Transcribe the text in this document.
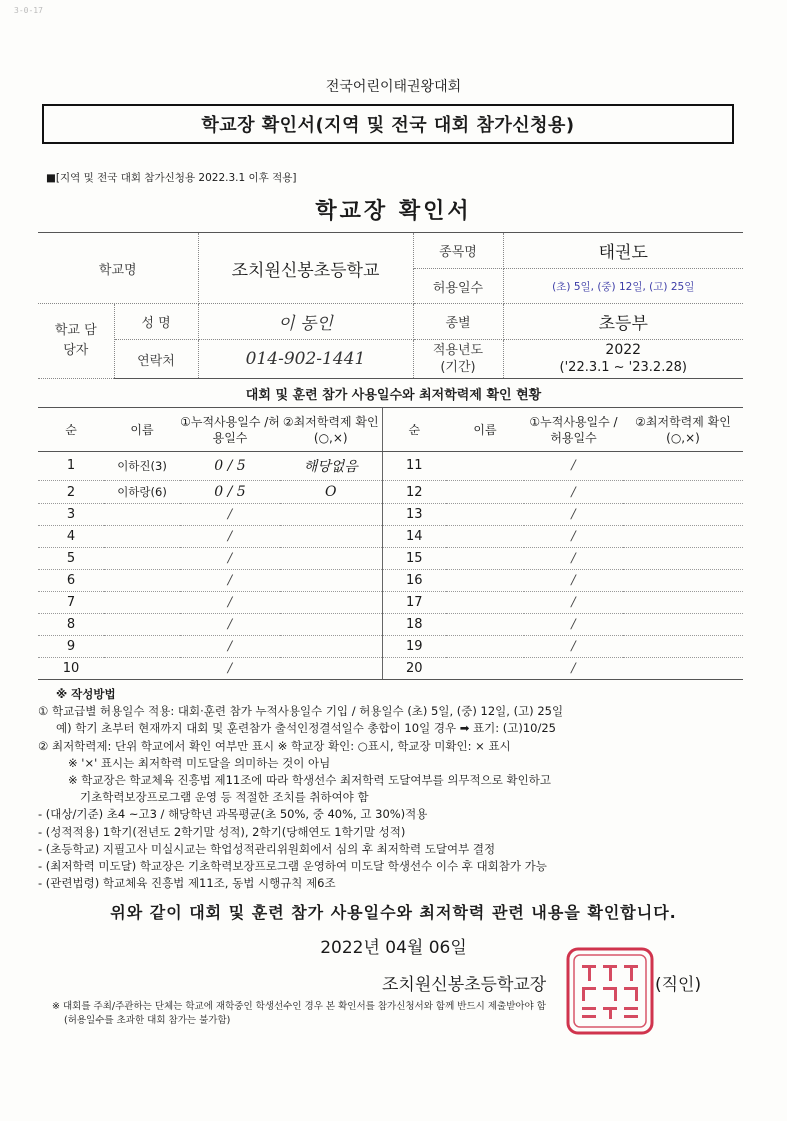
3-0-17
전국어린이태권왕대회
학교장 확인서(지역 및 전국 대회 참가신청용)
■[지역 및 전국 대회 참가신청용 2022.3.1 이후 적용]
학교장 확인서
학교명		조치원신봉초등학교	종목명	태권도
			허용일수	(초) 5일, (중) 12일, (고) 25일
학교 담당자	성 명	이 동인	종별	초등부
	연락처	014-902-1441	적용년도 (기간)	2022
('22.3.1 ~ '23.2.28)
대회 및 훈련 참가 사용일수와 최저학력제 확인 현황
순	이름	①누적사용일수 /허용일수	②최저학력제 확인(○,×)	순	이름	①누적사용일수 /허용일수	②최저학력제 확인(○,×)
1	이하진(3)	0 / 5	해당없음	11		/	
2	이하랑(6)	0 / 5	O	12		/	
3		/		13		/	
4		/		14		/	
5		/		15		/	
6		/		16		/	
7		/		17		/	
8		/		18		/	
9		/		19		/	
10		/		20		/	
※ 작성방법
① 학교급별 허용일수 적용: 대회·훈련 참가 누적사용일수 기입 / 허용일수 (초) 5일, (중) 12일, (고) 25일
예) 학기 초부터 현재까지 대회 및 훈련참가 출석인정결석일수 총합이 10일 경우 ➡ 표기: (고)10/25
② 최저학력제: 단위 학교에서 확인 여부만 표시 ※ 학교장 확인: ○표시, 학교장 미확인: × 표시
※ '×' 표시는 최저학력 미도달을 의미하는 것이 아님
※ 학교장은 학교체육 진흥법 제11조에 따라 학생선수 최저학력 도달여부를 의무적으로 확인하고
기초학력보장프로그램 운영 등 적절한 조치를 취하여야 함
- (대상/기준) 초4 ~고3 / 해당학년 과목평균(초 50%, 중 40%, 고 30%)적용
- (성적적용) 1학기(전년도 2학기말 성적), 2학기(당해연도 1학기말 성적)
- (초등학교) 지필고사 미실시교는 학업성적관리위원회에서 심의 후 최저학력 도달여부 결정
- (최저학력 미도달) 학교장은 기초학력보장프로그램 운영하여 미도달 학생선수 이수 후 대회참가 가능
- (관련법령) 학교체육 진흥법 제11조, 동법 시행규칙 제6조
위와 같이 대회 및 훈련 참가 사용일수와 최저학력 관련 내용을 확인합니다.
2022년 04월 06일
조치원신봉초등학교장	(직인)
※ 대회를 주최/주관하는 단체는 학교에 재학중인 학생선수인 경우 본 확인서를 참가신청서와 함께 반드시 제출받아야 함
(허용일수를 초과한 대회 참가는 불가함)
